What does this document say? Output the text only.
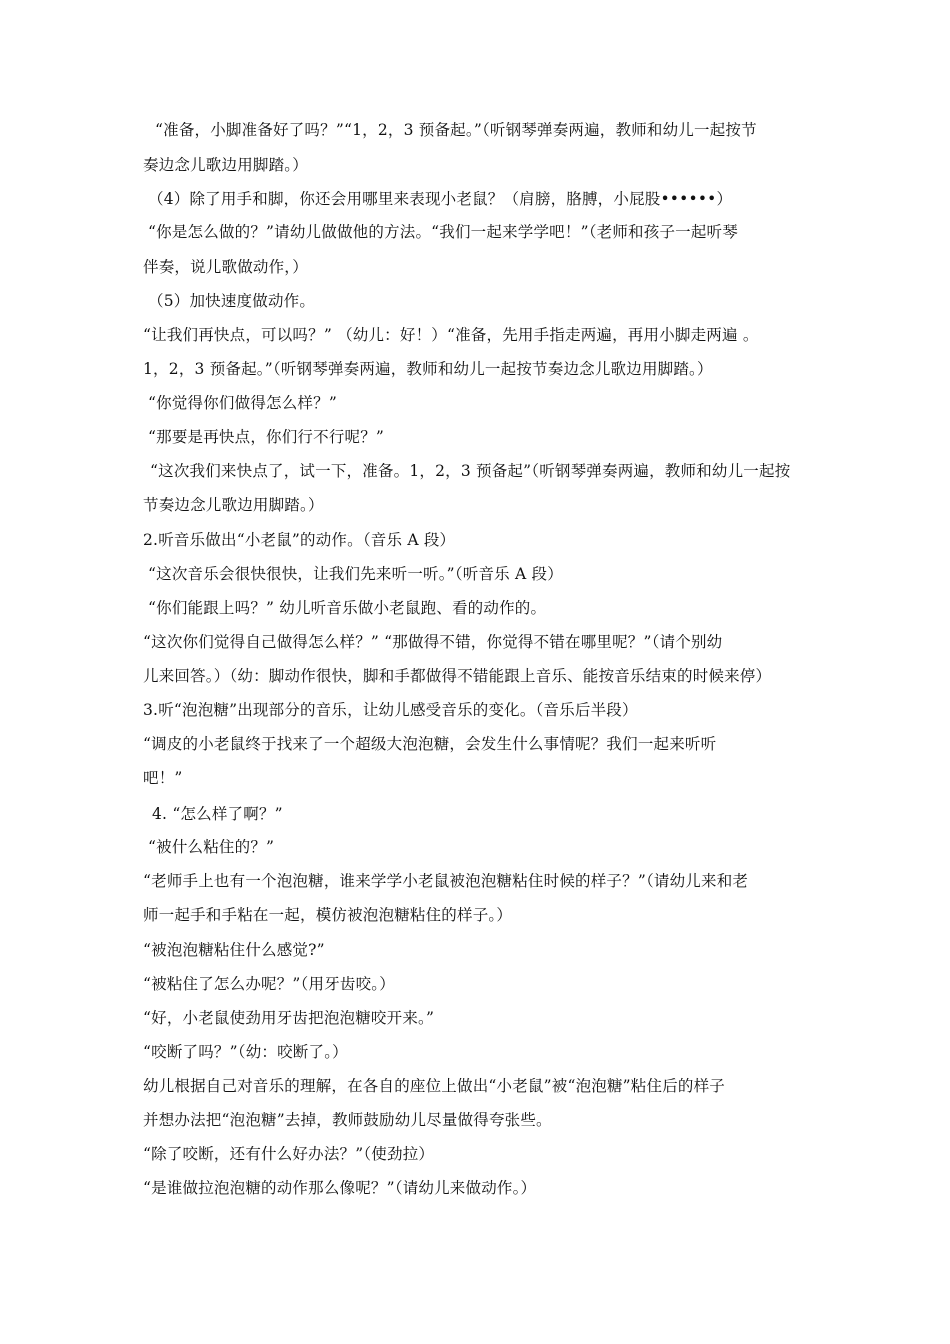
“准备，小脚准备好了吗？”“1，2，3 预备起。”（听钢琴弹奏两遍，教师和幼儿一起按节
奏边念儿歌边用脚踏。）
（4）除了用手和脚，你还会用哪里来表现小老鼠？（肩膀，胳膊，小屁股••••••）
“你是怎么做的？”请幼儿做做他的方法。“我们一起来学学吧！”（老师和孩子一起听琴
伴奏，说儿歌做动作，）
（5）加快速度做动作。
“让我们再快点，可以吗？” （幼儿：好！）“准备，先用手指走两遍，再用小脚走两遍 。
1，2，3 预备起。”（听钢琴弹奏两遍，教师和幼儿一起按节奏边念儿歌边用脚踏。）
“你觉得你们做得怎么样？”
“那要是再快点，你们行不行呢？”
“这次我们来快点了，试一下，准备。1，2，3 预备起”（听钢琴弹奏两遍，教师和幼儿一起按
节奏边念儿歌边用脚踏。）
2.听音乐做出“小老鼠”的动作。（音乐 A 段）
“这次音乐会很快很快，让我们先来听一听。”（听音乐 A 段）
“你们能跟上吗？” 幼儿听音乐做小老鼠跑、看的动作的。
“这次你们觉得自己做得怎么样？” “那做得不错，你觉得不错在哪里呢？”（请个别幼
儿来回答。）（幼：脚动作很快，脚和手都做得不错能跟上音乐、能按音乐结束的时候来停）
3.听“泡泡糖”出现部分的音乐，让幼儿感受音乐的变化。（音乐后半段）
“调皮的小老鼠终于找来了一个超级大泡泡糖，会发生什么事情呢？我们一起来听听
吧！”
4. “怎么样了啊？”
“被什么粘住的？”
“老师手上也有一个泡泡糖，谁来学学小老鼠被泡泡糖粘住时候的样子？”（请幼儿来和老
师一起手和手粘在一起，模仿被泡泡糖粘住的样子。）
“被泡泡糖粘住什么感觉?”
“被粘住了怎么办呢？”（用牙齿咬。）
“好，小老鼠使劲用牙齿把泡泡糖咬开来。”
“咬断了吗？”（幼：咬断了。）
幼儿根据自己对音乐的理解，在各自的座位上做出“小老鼠”被“泡泡糖”粘住后的样子
并想办法把“泡泡糖”去掉，教师鼓励幼儿尽量做得夸张些。
“除了咬断，还有什么好办法？”（使劲拉）
“是谁做拉泡泡糖的动作那么像呢？”（请幼儿来做动作。）
